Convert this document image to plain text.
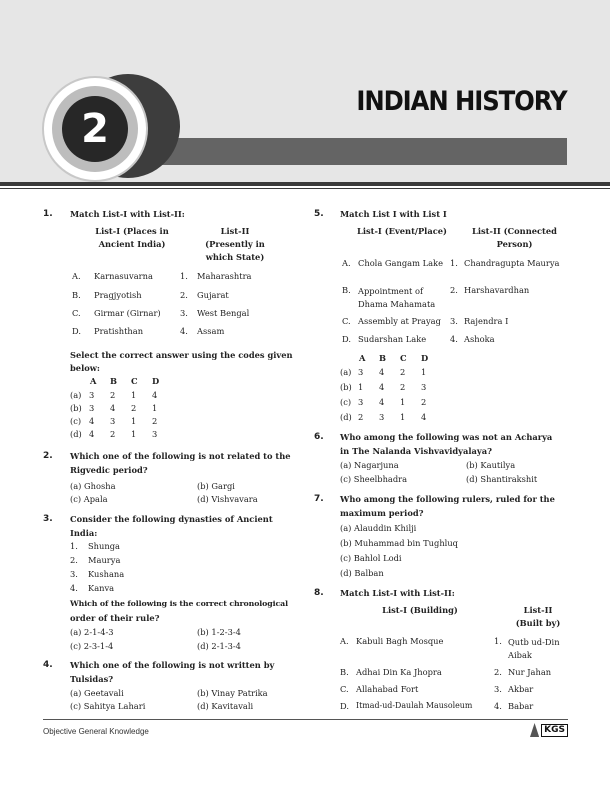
2
INDIAN HISTORY
1. Match List-I with List-II:
List-I (Places in Ancient India)
List-II (Presently in which State)
A. Karnasuvarna	1. Maharashtra
B. Pragjyotish	2. Gujarat
C. Girmar (Girnar) 3. West Bengal
D. Pratishthan	4. Assam
Select the correct answer using the codes given below:
A B C D
(a) 3 2 1 4
(b) 3 4 2 1
(c) 4 3 1 2
(d) 4 2 1 3
2. Which one of the following is not related to the
Rigvedic period?
(a) Ghosha	(b) Gargi
(c) Apala	(d) Vishvavara
3. Consider the following dynasties of Ancient
India:
1. Shunga
2. Maurya
3. Kushana
4. Kanva
Which of the following is the correct chronological
order of their rule?
(a) 2-1-4-3	(b) 1-2-3-4
(c) 2-3-1-4	(d) 2-1-3-4
4. Which one of the following is not written by
Tulsidas?
(a) Geetavali	(b) Vinay Patrika
(c) Sahitya Lahari	(d) Kavitavali
5. Match List I with List I
List-I (Event/Place)	List-II (Connected Person)
A. Chola Gangam Lake 1. Chandragupta Maurya
B. Appointment of Dhama Mahamata
2. Harshavardhan
C. Assembly at Prayag 3. Rajendra I
D. Sudarshan Lake	4. Ashoka
A B C D
(a) 3 4 2 1
(b) 1 4 2 3
(c) 3 4 1 2
(d) 2 3 1 4
6. Who among the following was not an Acharya
in The Nalanda Vishvavidyalaya?
(a) Nagarjuna	(b) Kautilya
(c) Sheelbhadra	(d) Shantirakshit
7. Who among the following rulers, ruled for the
maximum period?
(a) Alauddin Khilji
(b) Muhammad bin Tughluq
(c) Bahlol Lodi
(d) Balban
8. Match List-I with List-II:
List-I (Building)	List-II (Built by)
A. Kabuli Bagh Mosque	1. Qutb ud-Din Aibak
B. Adhai Din Ka Jhopra	2. Nur Jahan
C. Allahabad Fort	3. Akbar
D. Itmad-ud-Daulah Mausoleum	4. Babar
Objective General Knowledge	KGS
